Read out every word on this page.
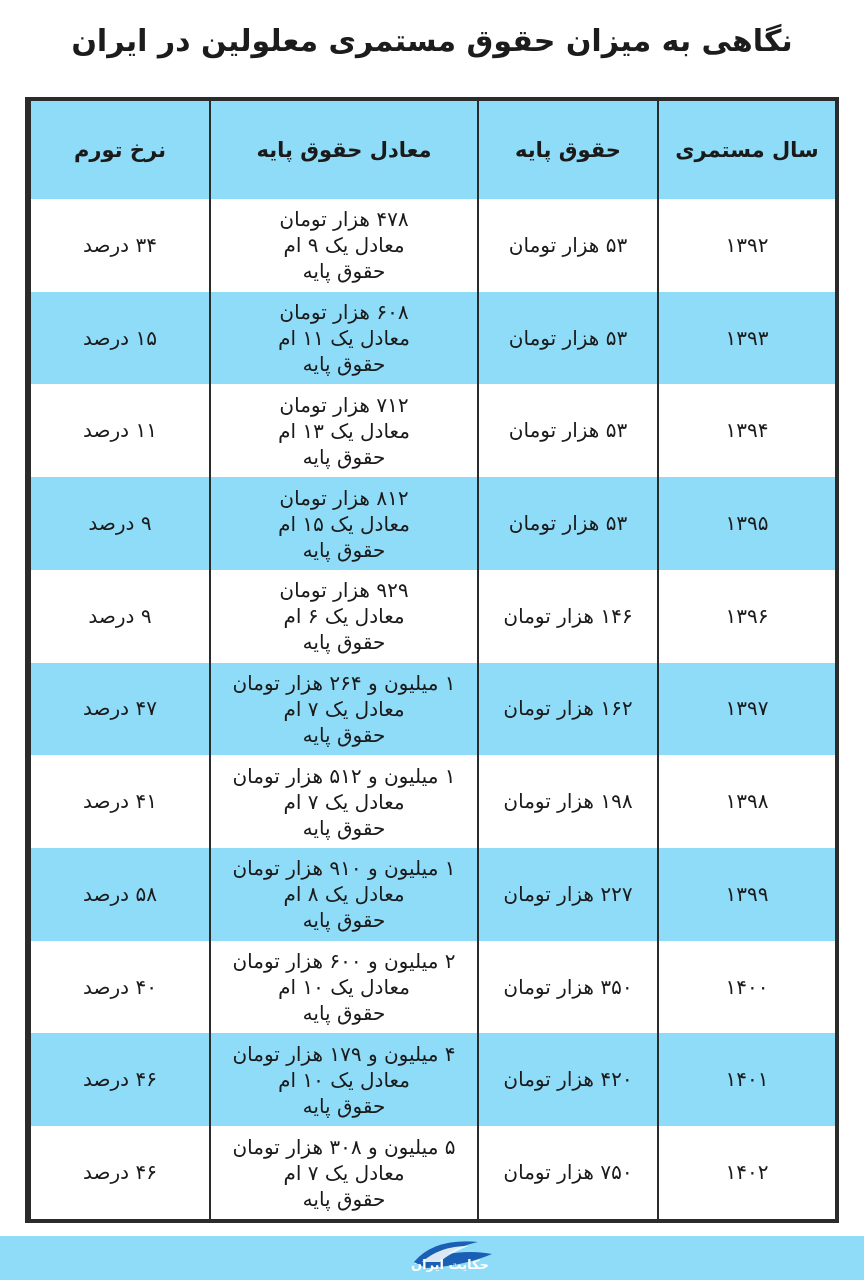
نگاهی به میزان حقوق مستمری معلولین در ایران
سال مستمری	حقوق پایه	معادل حقوق پایه	نرخ تورم
۱۳۹۲	۵۳ هزار تومان	۴۷۸ هزار تومان
معادل یک ۹ ام
حقوق پایه	۳۴ درصد
۱۳۹۳	۵۳ هزار تومان	۶۰۸ هزار تومان
معادل یک ۱۱ ام
حقوق پایه	۱۵ درصد
۱۳۹۴	۵۳ هزار تومان	۷۱۲ هزار تومان
معادل یک ۱۳ ام
حقوق پایه	۱۱ درصد
۱۳۹۵	۵۳ هزار تومان	۸۱۲ هزار تومان
معادل یک ۱۵ ام
حقوق پایه	۹ درصد
۱۳۹۶	۱۴۶ هزار تومان	۹۲۹ هزار تومان
معادل یک ۶ ام
حقوق پایه	۹ درصد
۱۳۹۷	۱۶۲ هزار تومان	۱ میلیون و ۲۶۴ هزار تومان
معادل یک ۷ ام
حقوق پایه	۴۷ درصد
۱۳۹۸	۱۹۸ هزار تومان	۱ میلیون و ۵۱۲ هزار تومان
معادل یک ۷ ام
حقوق پایه	۴۱ درصد
۱۳۹۹	۲۲۷ هزار تومان	۱ میلیون و ۹۱۰ هزار تومان
معادل یک ۸ ام
حقوق پایه	۵۸ درصد
۱۴۰۰	۳۵۰ هزار تومان	۲ میلیون و ۶۰۰ هزار تومان
معادل یک ۱۰ ام
حقوق پایه	۴۰ درصد
۱۴۰۱	۴۲۰ هزار تومان	۴ میلیون و ۱۷۹ هزار تومان
معادل یک ۱۰ ام
حقوق پایه	۴۶ درصد
۱۴۰۲	۷۵۰ هزار تومان	۵ میلیون و ۳۰۸ هزار تومان
معادل یک ۷ ام
حقوق پایه	۴۶ درصد
حکایت ایران
